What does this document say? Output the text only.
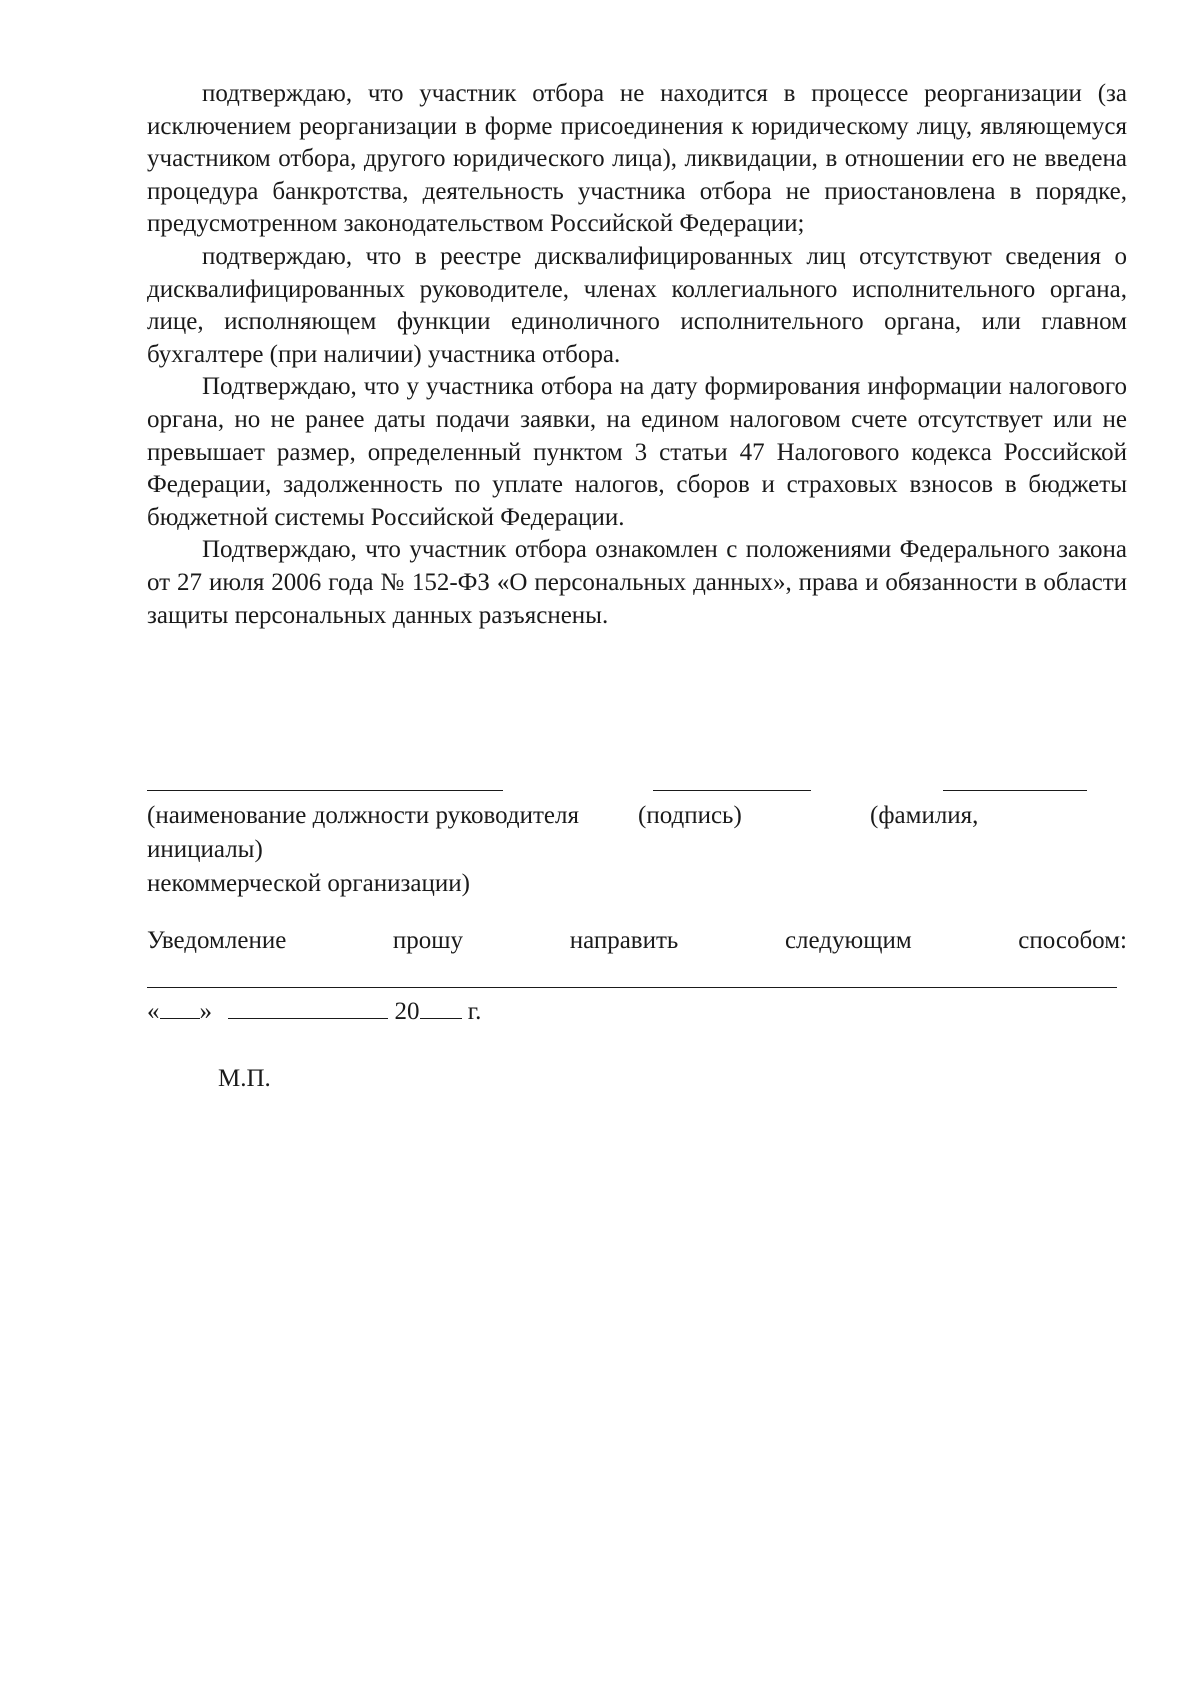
подтверждаю, что участник отбора не находится в процессе реорганизации (за исключением реорганизации в форме присоединения к юридическому лицу, являющемуся участником отбора, другого юридического лица), ликвидации, в отношении его не введена процедура банкротства, деятельность участника отбора не приостановлена в порядке, предусмотренном законодательством Российской Федерации;

подтверждаю, что в реестре дисквалифицированных лиц отсутствуют сведения о дисквалифицированных руководителе, членах коллегиального исполнительного органа, лице, исполняющем функции единоличного исполнительного органа, или главном бухгалтере (при наличии) участника отбора.

Подтверждаю, что у участника отбора на дату формирования информации налогового органа, но не ранее даты подачи заявки, на едином налоговом счете отсутствует или не превышает размер, определенный пунктом 3 статьи 47 Налогового кодекса Российской Федерации, задолженность по уплате налогов, сборов и страховых взносов в бюджеты бюджетной системы Российской Федерации.

Подтверждаю, что участник отбора ознакомлен с положениями Федерального закона от 27 июля 2006 года № 152-ФЗ «О персональных данных», права и обязанности в области защиты персональных данных разъяснены.

(наименование должности руководителя (подпись)	(фамилия,
инициалы)
некоммерческой организации)
Уведомление	прошу	направить	следующим	способом:
« »	20 г.
М.П.
